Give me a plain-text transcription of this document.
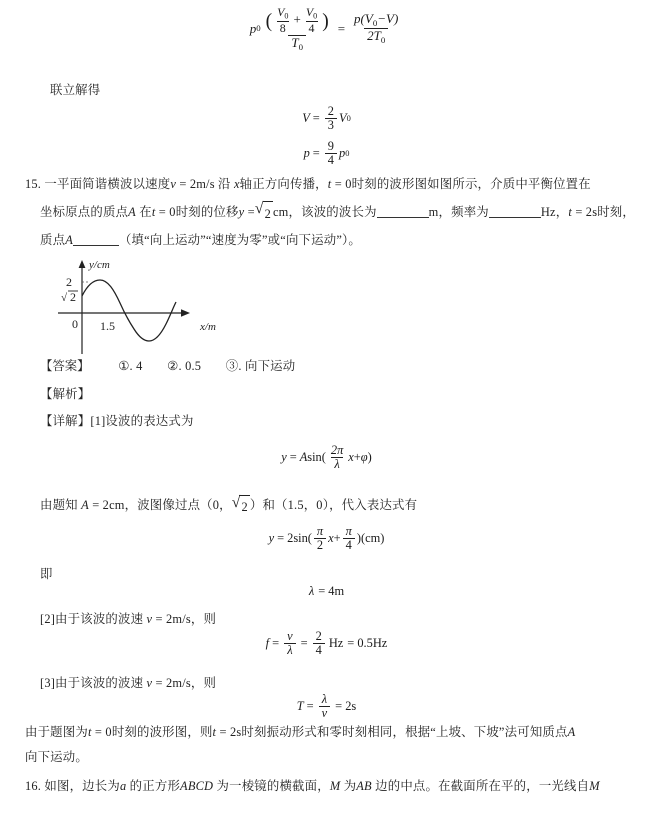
p 0 ( $\frac{V_0}{8} + \frac{V_0}{4}$ )
$T_0$
= $\frac{p(V_0-V)}{2T_0}$
联立解得
$V = \frac{2}{3}$ V 0
$p = \frac{9}{4}$ p 0
15. 一平面简谐横波以速度v = 2m/s 沿 x轴正方向传播，t = 0时刻的波形图如图所示，介质中平衡位置在
坐标原点的质点A 在t = 0时刻的位移y = √ 2 cm，该波的波长为	m，频率为	Hz，t = 2s时刻，
质点A	（填“向上运动”“速度为零”或“向下运动”）。
y/cm
2
√ 2
0 1.5	x/m
【答案】 ①. 4 ②. 0.5 ③. 向下运动
【解析】
【详解】[1]设波的表达式为
y = A $\sin( \frac{2\pi}{\lambda}$ x + φ )
由题知 A = 2cm，波图像过点（0， √ 2 ）和（1.5，0），代入表达式有
y = 2 $\sin( \frac{\pi}{2}$ $x + \frac{\pi}{4} )(cm)$
即
λ = 4m
[2]由于该波的波速 v = 2m/s，则
$f = \frac{v}{\lambda} = \frac{2}{4}$ Hz = 0.5Hz
[3]由于该波的波速 v = 2m/s，则
$T = \frac{\lambda}{v} = 2s$
由于题图为t = 0时刻的波形图，则t = 2s时刻振动形式和零时刻相同，根据“上坡、下坡”法可知质点A
向下运动。
16. 如图，边长为a 的正方形ABCD 为一棱镜的横截面，M 为AB 边的中点。在截面所在平的，一光线自M
